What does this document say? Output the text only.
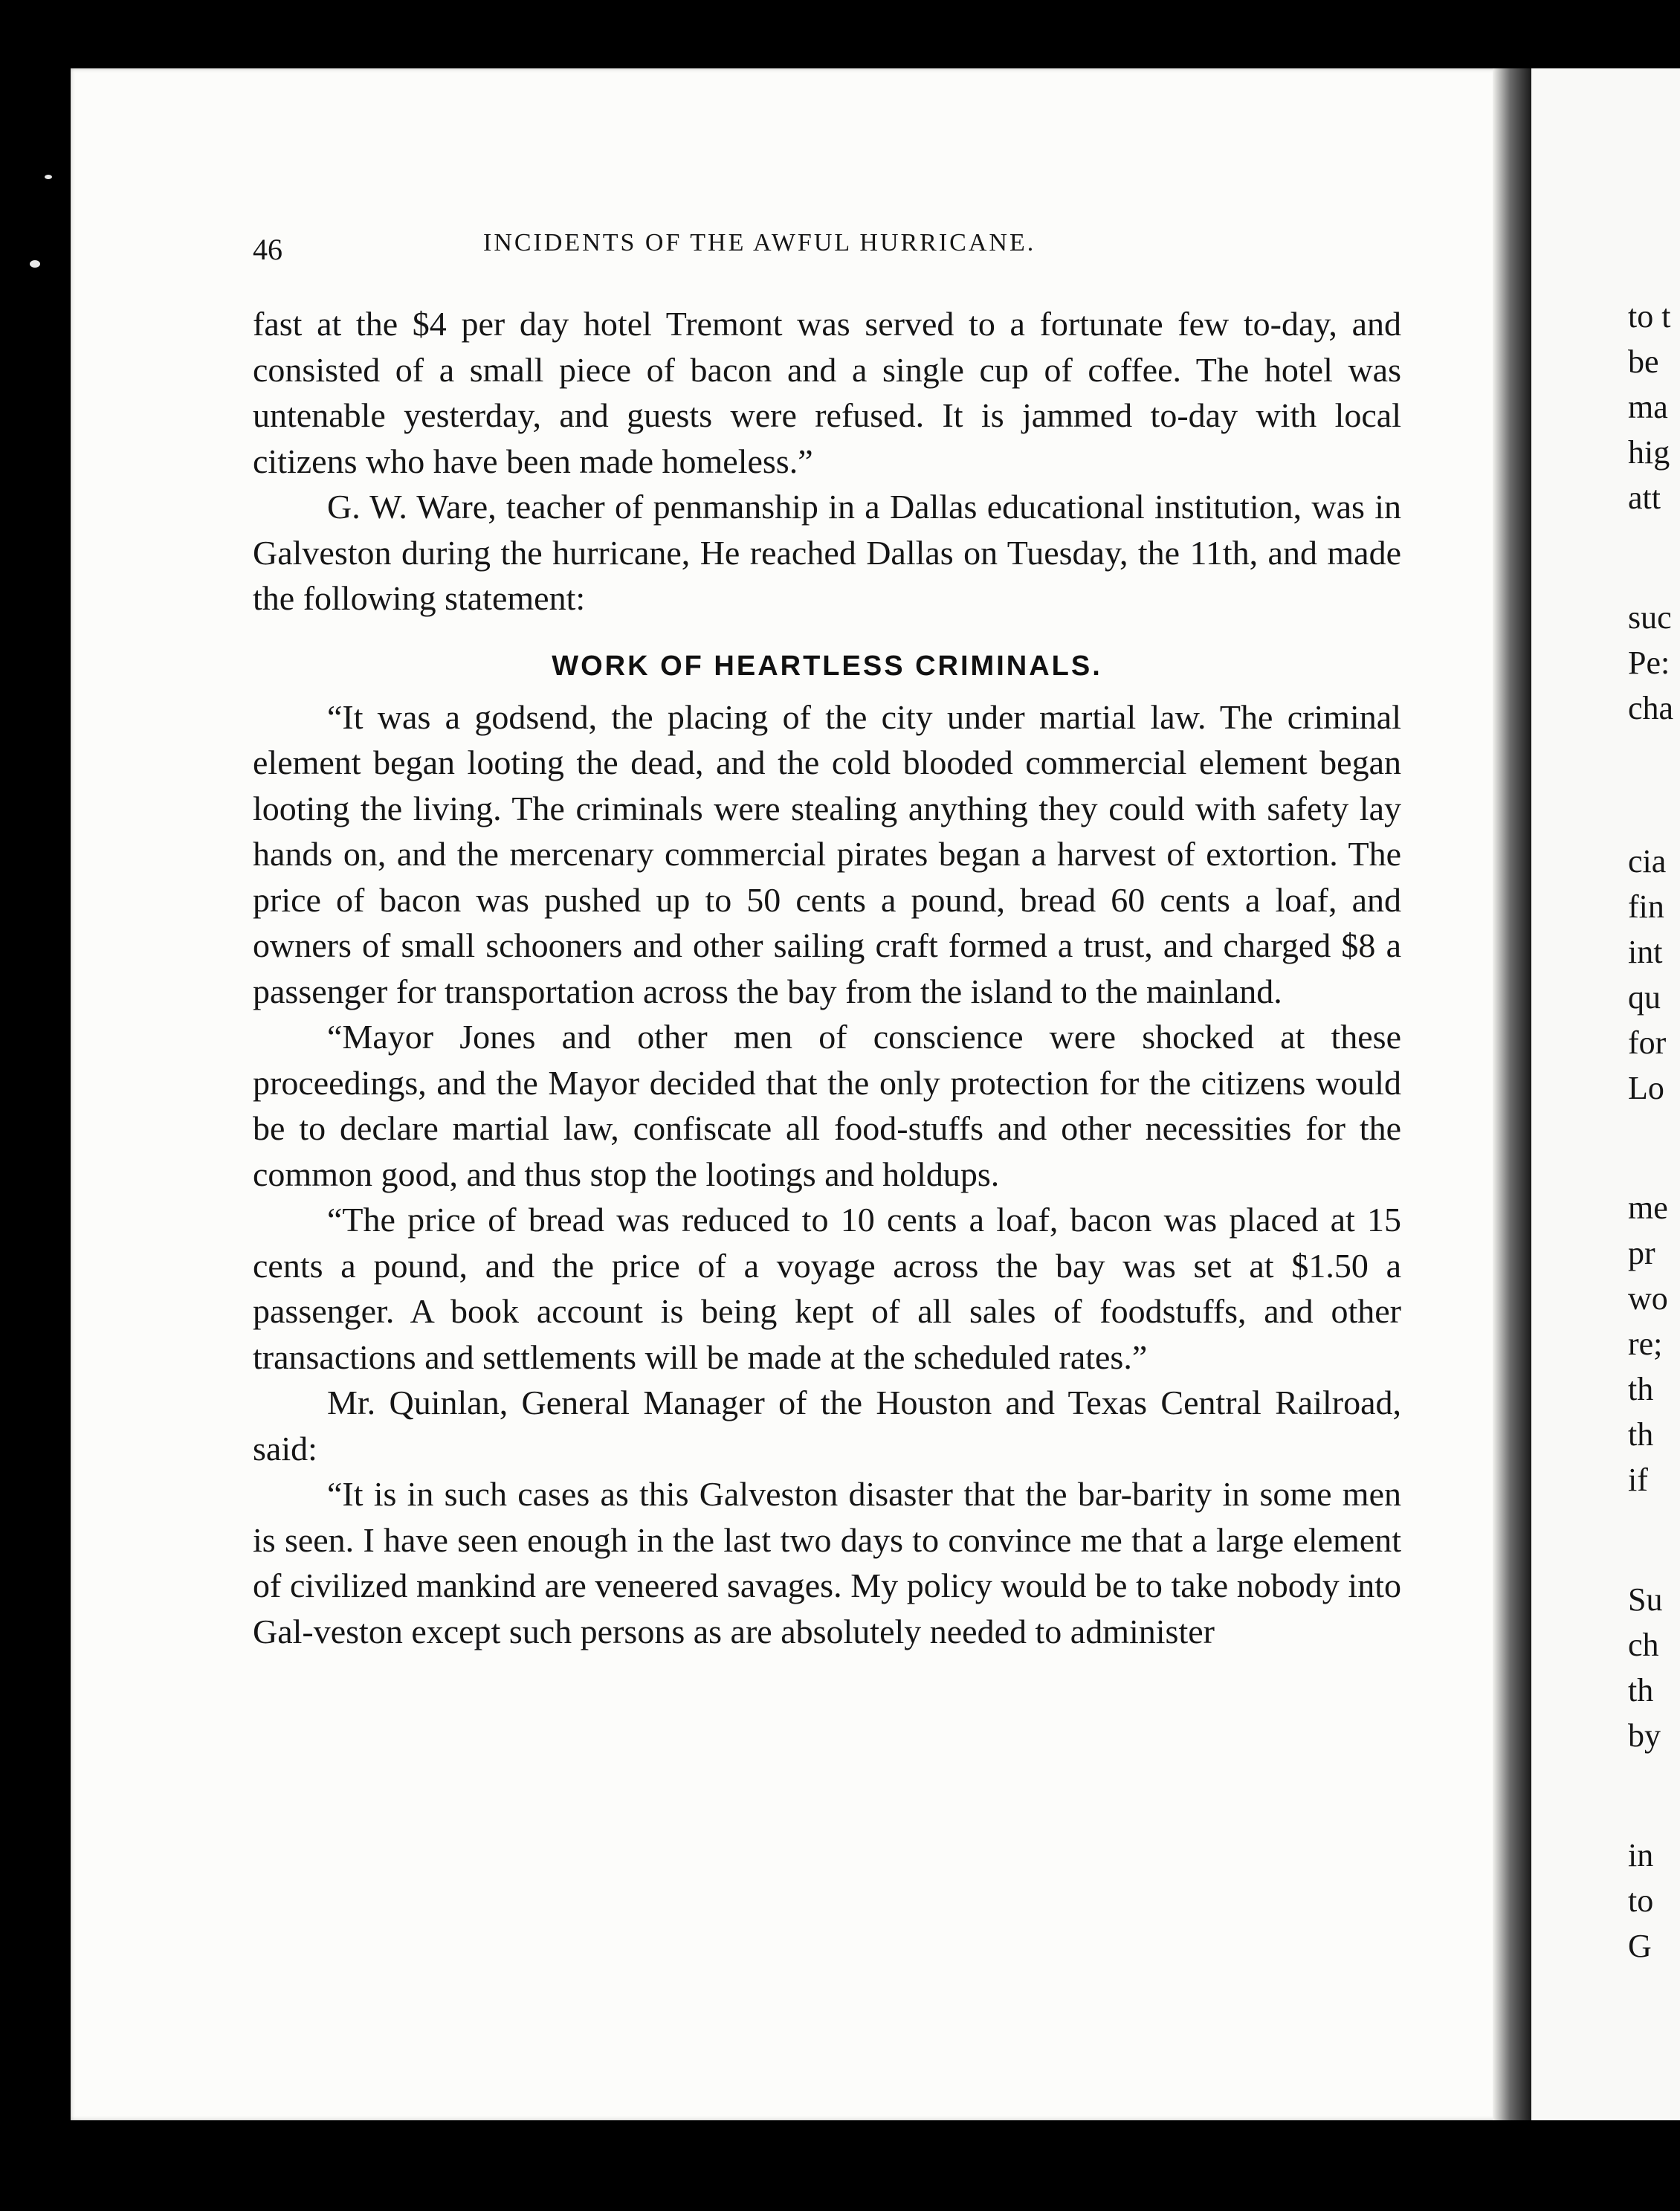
46	INCIDENTS OF THE AWFUL HURRICANE.

fast at the $4 per day hotel Tremont was served to a fortunate few to-day, and consisted of a small piece of bacon and a single cup of coffee. The hotel was untenable yesterday, and guests were refused. It is jammed to-day with local citizens who have been made homeless.”

G. W. Ware, teacher of penmanship in a Dallas educational institution, was in Galveston during the hurricane, He reached Dallas on Tuesday, the 11th, and made the following statement:

WORK OF HEARTLESS CRIMINALS.

“It was a godsend, the placing of the city under martial law. The criminal element began looting the dead, and the cold blooded commercial element began looting the living. The criminals were stealing anything they could with safety lay hands on, and the mercenary commercial pirates began a harvest of extortion. The price of bacon was pushed up to 50 cents a pound, bread 60 cents a loaf, and owners of small schooners and other sailing craft formed a trust, and charged $8 a passenger for transportation across the bay from the island to the mainland.

“Mayor Jones and other men of conscience were shocked at these proceedings, and the Mayor decided that the only protection for the citizens would be to declare martial law, confiscate all food-stuffs and other necessities for the common good, and thus stop the lootings and holdups.

“The price of bread was reduced to 10 cents a loaf, bacon was placed at 15 cents a pound, and the price of a voyage across the bay was set at $1.50 a passenger. A book account is being kept of all sales of foodstuffs, and other transactions and settlements will be made at the scheduled rates.”

Mr. Quinlan, General Manager of the Houston and Texas Central Railroad, said:

“It is in such cases as this Galveston disaster that the bar-barity in some men is seen. I have seen enough in the last two days to convince me that a large element of civilized mankind are veneered savages. My policy would be to take nobody into Gal-veston except such persons as are absolutely needed to administer

to t
be
ma
hig
att
suc
Pe:
cha
cia
fin
int
qu
for
Lo
me
pr
wo
re;
th
th
if
Su
ch
th
by
in
to
G
